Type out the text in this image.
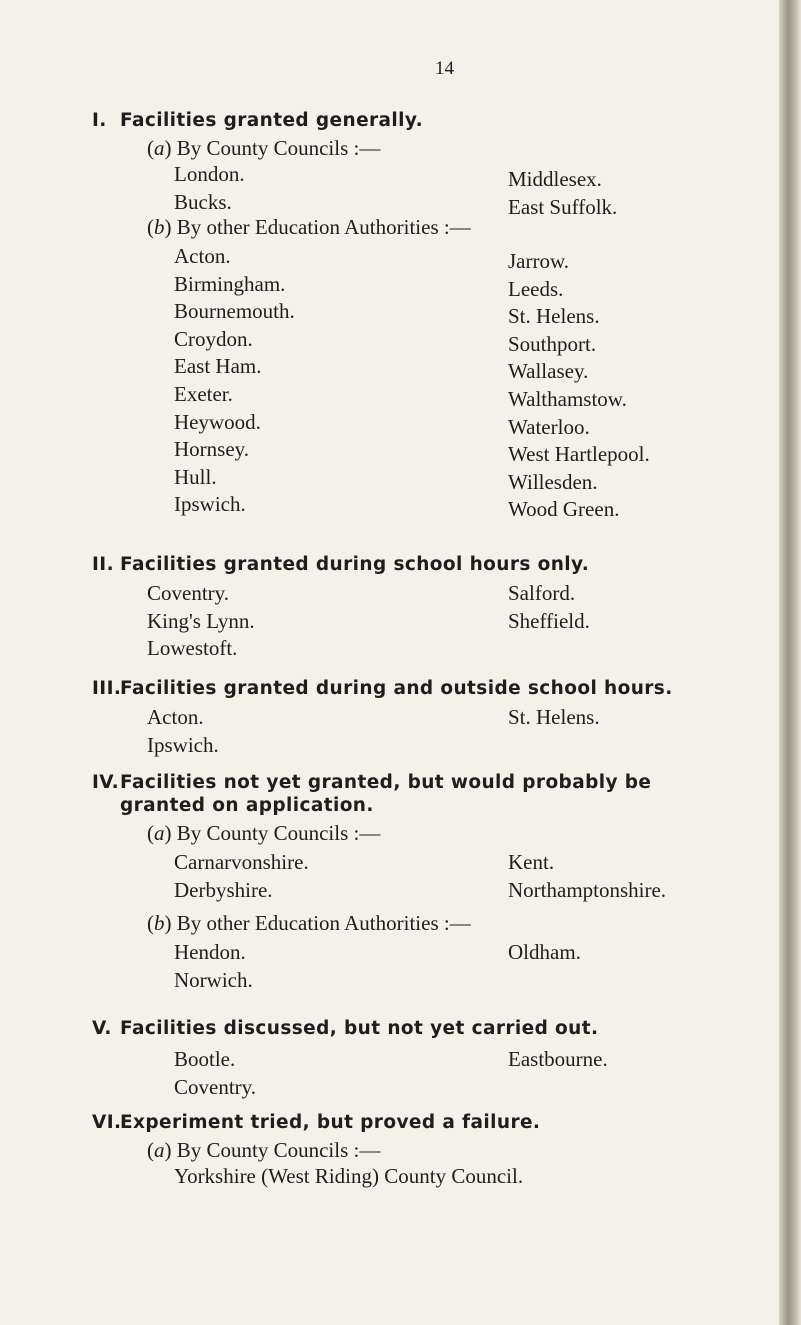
14
I. Facilities granted generally.
(a) By County Councils :—
London.
Bucks.
Middlesex.
East Suffolk.
(b) By other Education Authorities :—
Acton.
Birmingham.
Bournemouth.
Croydon.
East Ham.
Exeter.
Heywood.
Hornsey.
Hull.
Ipswich.
Jarrow.
Leeds.
St. Helens.
Southport.
Wallasey.
Walthamstow.
Waterloo.
West Hartlepool.
Willesden.
Wood Green.
II. Facilities granted during school hours only.
Coventry.
King's Lynn.
Lowestoft.
Salford.
Sheffield.
III.
Facilities granted during and outside school hours.
Acton.
Ipswich.
St. Helens.
IV. Facilities not yet granted, but would probably be
granted on application.
(a) By County Councils :—
Carnarvonshire.
Derbyshire.
Kent.
Northamptonshire.
(b) By other Education Authorities :—
Hendon.
Norwich.
Oldham.
V. Facilities discussed, but not yet carried out.
Bootle.
Coventry.
Eastbourne.
VI.
Experiment tried, but proved a failure.
(a) By County Councils :—
Yorkshire (West Riding) County Council.
